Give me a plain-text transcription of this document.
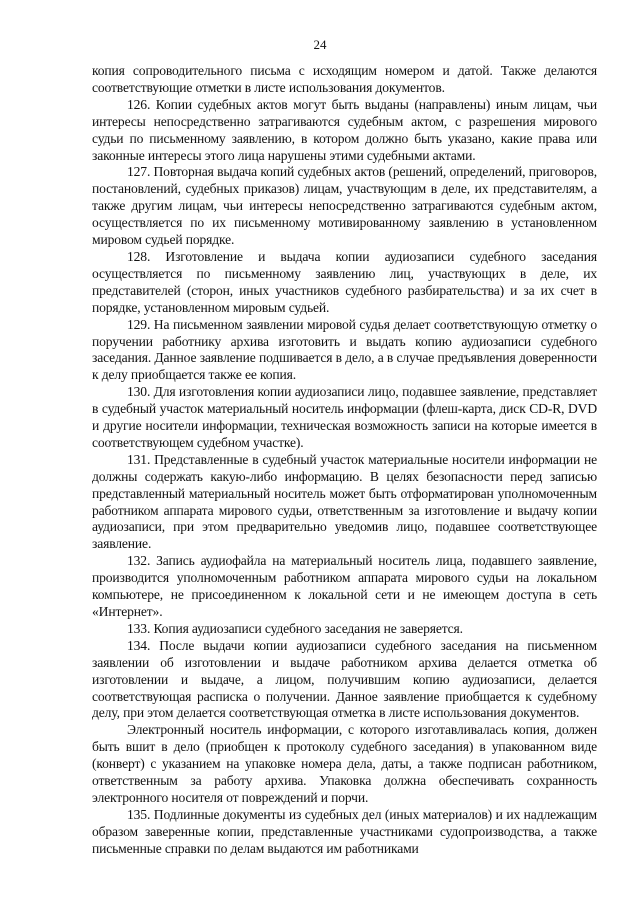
24

копия сопроводительного письма с исходящим номером и датой. Также делаются соответствующие отметки в листе использования документов.

126. Копии судебных актов могут быть выданы (направлены) иным лицам, чьи интересы непосредственно затрагиваются судебным актом, с разрешения мирового судьи по письменному заявлению, в котором должно быть указано, какие права или законные интересы этого лица нарушены этими судебными актами.

127. Повторная выдача копий судебных актов (решений, определений, приговоров, постановлений, судебных приказов) лицам, участвующим в деле, их представителям, а также другим лицам, чьи интересы непосредственно затрагиваются судебным актом, осуществляется по их письменному мотивированному заявлению в установленном мировом судьей порядке.

128. Изготовление и выдача копии аудиозаписи судебного заседания осуществляется по письменному заявлению лиц, участвующих в деле, их представителей (сторон, иных участников судебного разбирательства) и за их счет в порядке, установленном мировым судьей.

129. На письменном заявлении мировой судья делает соответствующую отметку о поручении работнику архива изготовить и выдать копию аудиозаписи судебного заседания. Данное заявление подшивается в дело, а в случае предъявления доверенности к делу приобщается также ее копия.

130. Для изготовления копии аудиозаписи лицо, подавшее заявление, представляет в судебный участок материальный носитель информации (флеш-карта, диск CD-R, DVD и другие носители информации, техническая возможность записи на которые имеется в соответствующем судебном участке).

131. Представленные в судебный участок материальные носители информации не должны содержать какую-либо информацию. В целях безопасности перед записью представленный материальный носитель может быть отформатирован уполномоченным работником аппарата мирового судьи, ответственным за изготовление и выдачу копии аудиозаписи, при этом предварительно уведомив лицо, подавшее соответствующее заявление.

132. Запись аудиофайла на материальный носитель лица, подавшего заявление, производится уполномоченным работником аппарата мирового судьи на локальном компьютере, не присоединенном к локальной сети и не имеющем доступа в сеть «Интернет».

133. Копия аудиозаписи судебного заседания не заверяется.

134. После выдачи копии аудиозаписи судебного заседания на письменном заявлении об изготовлении и выдаче работником архива делается отметка об изготовлении и выдаче, а лицом, получившим копию аудиозаписи, делается соответствующая расписка о получении. Данное заявление приобщается к судебному делу, при этом делается соответствующая отметка в листе использования документов.

Электронный носитель информации, с которого изготавливалась копия, должен быть вшит в дело (приобщен к протоколу судебного заседания) в упакованном виде (конверт) с указанием на упаковке номера дела, даты, а также подписан работником, ответственным за работу архива. Упаковка должна обеспечивать сохранность электронного носителя от повреждений и порчи.

135. Подлинные документы из судебных дел (иных материалов) и их надлежащим образом заверенные копии, представленные участниками судопроизводства, а также письменные справки по делам выдаются им работниками
